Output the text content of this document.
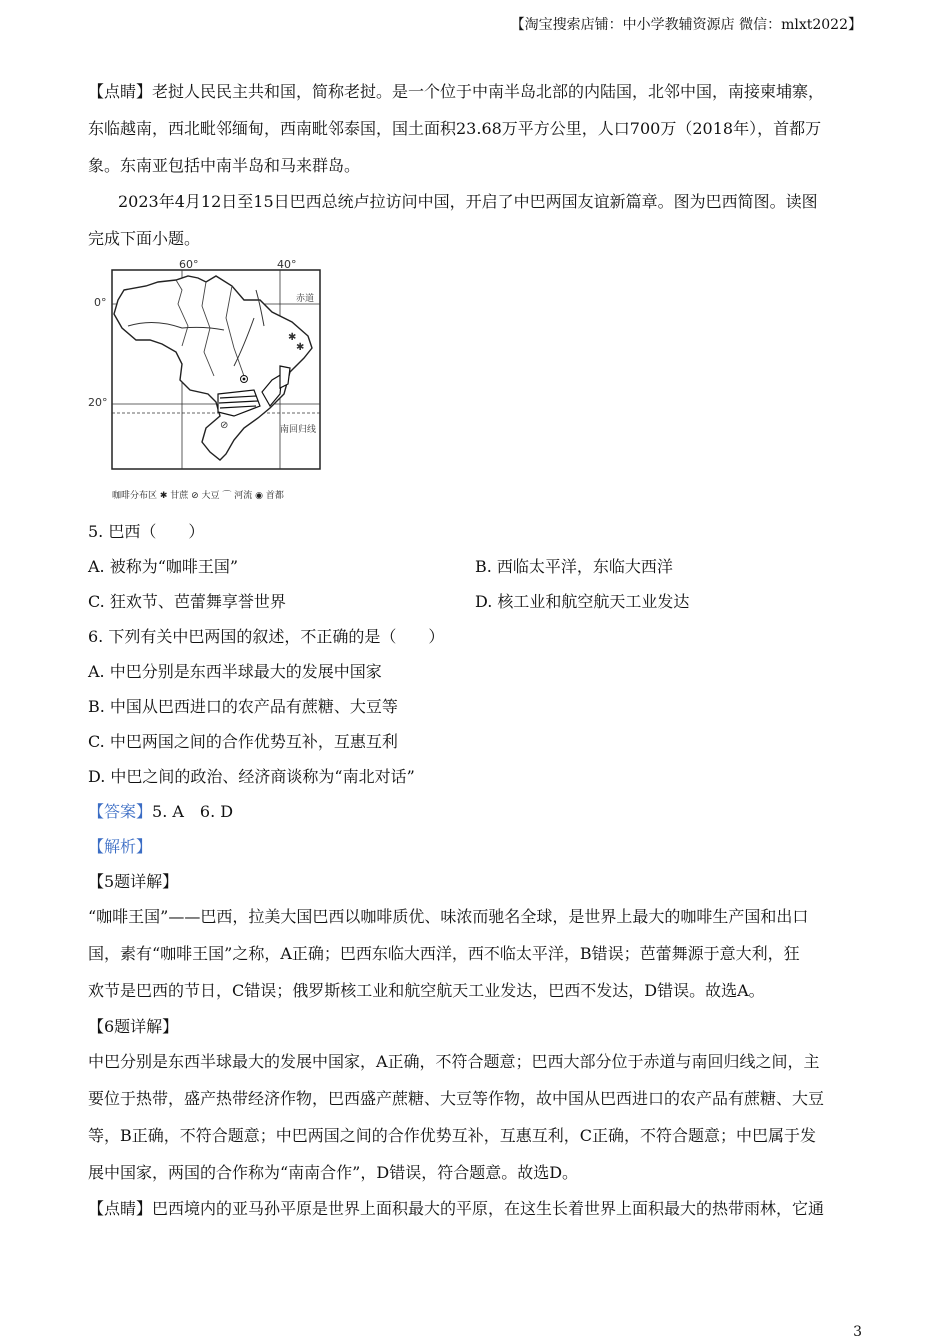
【淘宝搜索店铺：中小学教辅资源店 微信：mlxt2022】
【点睛】老挝人民民主共和国，简称老挝。是一个位于中南半岛北部的内陆国，北邻中国，南接柬埔寨，
东临越南，西北毗邻缅甸，西南毗邻泰国，国土面积23.68万平方公里，人口700万（2018年），首都万
象。东南亚包括中南半岛和马来群岛。
2023年4月12日至15日巴西总统卢拉访问中国，开启了中巴两国友谊新篇章。图为巴西简图。读图
完成下面小题。
60°	40°
0°
20°
赤道
南回归线
✱
✱
⊘
咖啡分布区 ✱ 甘蔗 ⊘ 大豆 ⌒ 河流 ◉ 首都
5. 巴西（　　）
A. 被称为“咖啡王国”	B. 西临太平洋，东临大西洋
C. 狂欢节、芭蕾舞享誉世界	D. 核工业和航空航天工业发达
6. 下列有关中巴两国的叙述，不正确的是（　　）
A. 中巴分别是东西半球最大的发展中国家
B. 中国从巴西进口的农产品有蔗糖、大豆等
C. 中巴两国之间的合作优势互补，互惠互利
D. 中巴之间的政治、经济商谈称为“南北对话”
【答案】5. A　6. D
【解析】
【5题详解】
“咖啡王国”——巴西，拉美大国巴西以咖啡质优、味浓而驰名全球，是世界上最大的咖啡生产国和出口
国，素有“咖啡王国”之称，A正确；巴西东临大西洋，西不临太平洋，B错误；芭蕾舞源于意大利，狂
欢节是巴西的节日，C错误；俄罗斯核工业和航空航天工业发达，巴西不发达，D错误。故选A。
【6题详解】
中巴分别是东西半球最大的发展中国家，A正确，不符合题意；巴西大部分位于赤道与南回归线之间，主
要位于热带，盛产热带经济作物，巴西盛产蔗糖、大豆等作物，故中国从巴西进口的农产品有蔗糖、大豆
等，B正确，不符合题意；中巴两国之间的合作优势互补，互惠互利，C正确，不符合题意；中巴属于发
展中国家，两国的合作称为“南南合作”，D错误，符合题意。故选D。
【点睛】巴西境内的亚马孙平原是世界上面积最大的平原，在这生长着世界上面积最大的热带雨林，它通
3
